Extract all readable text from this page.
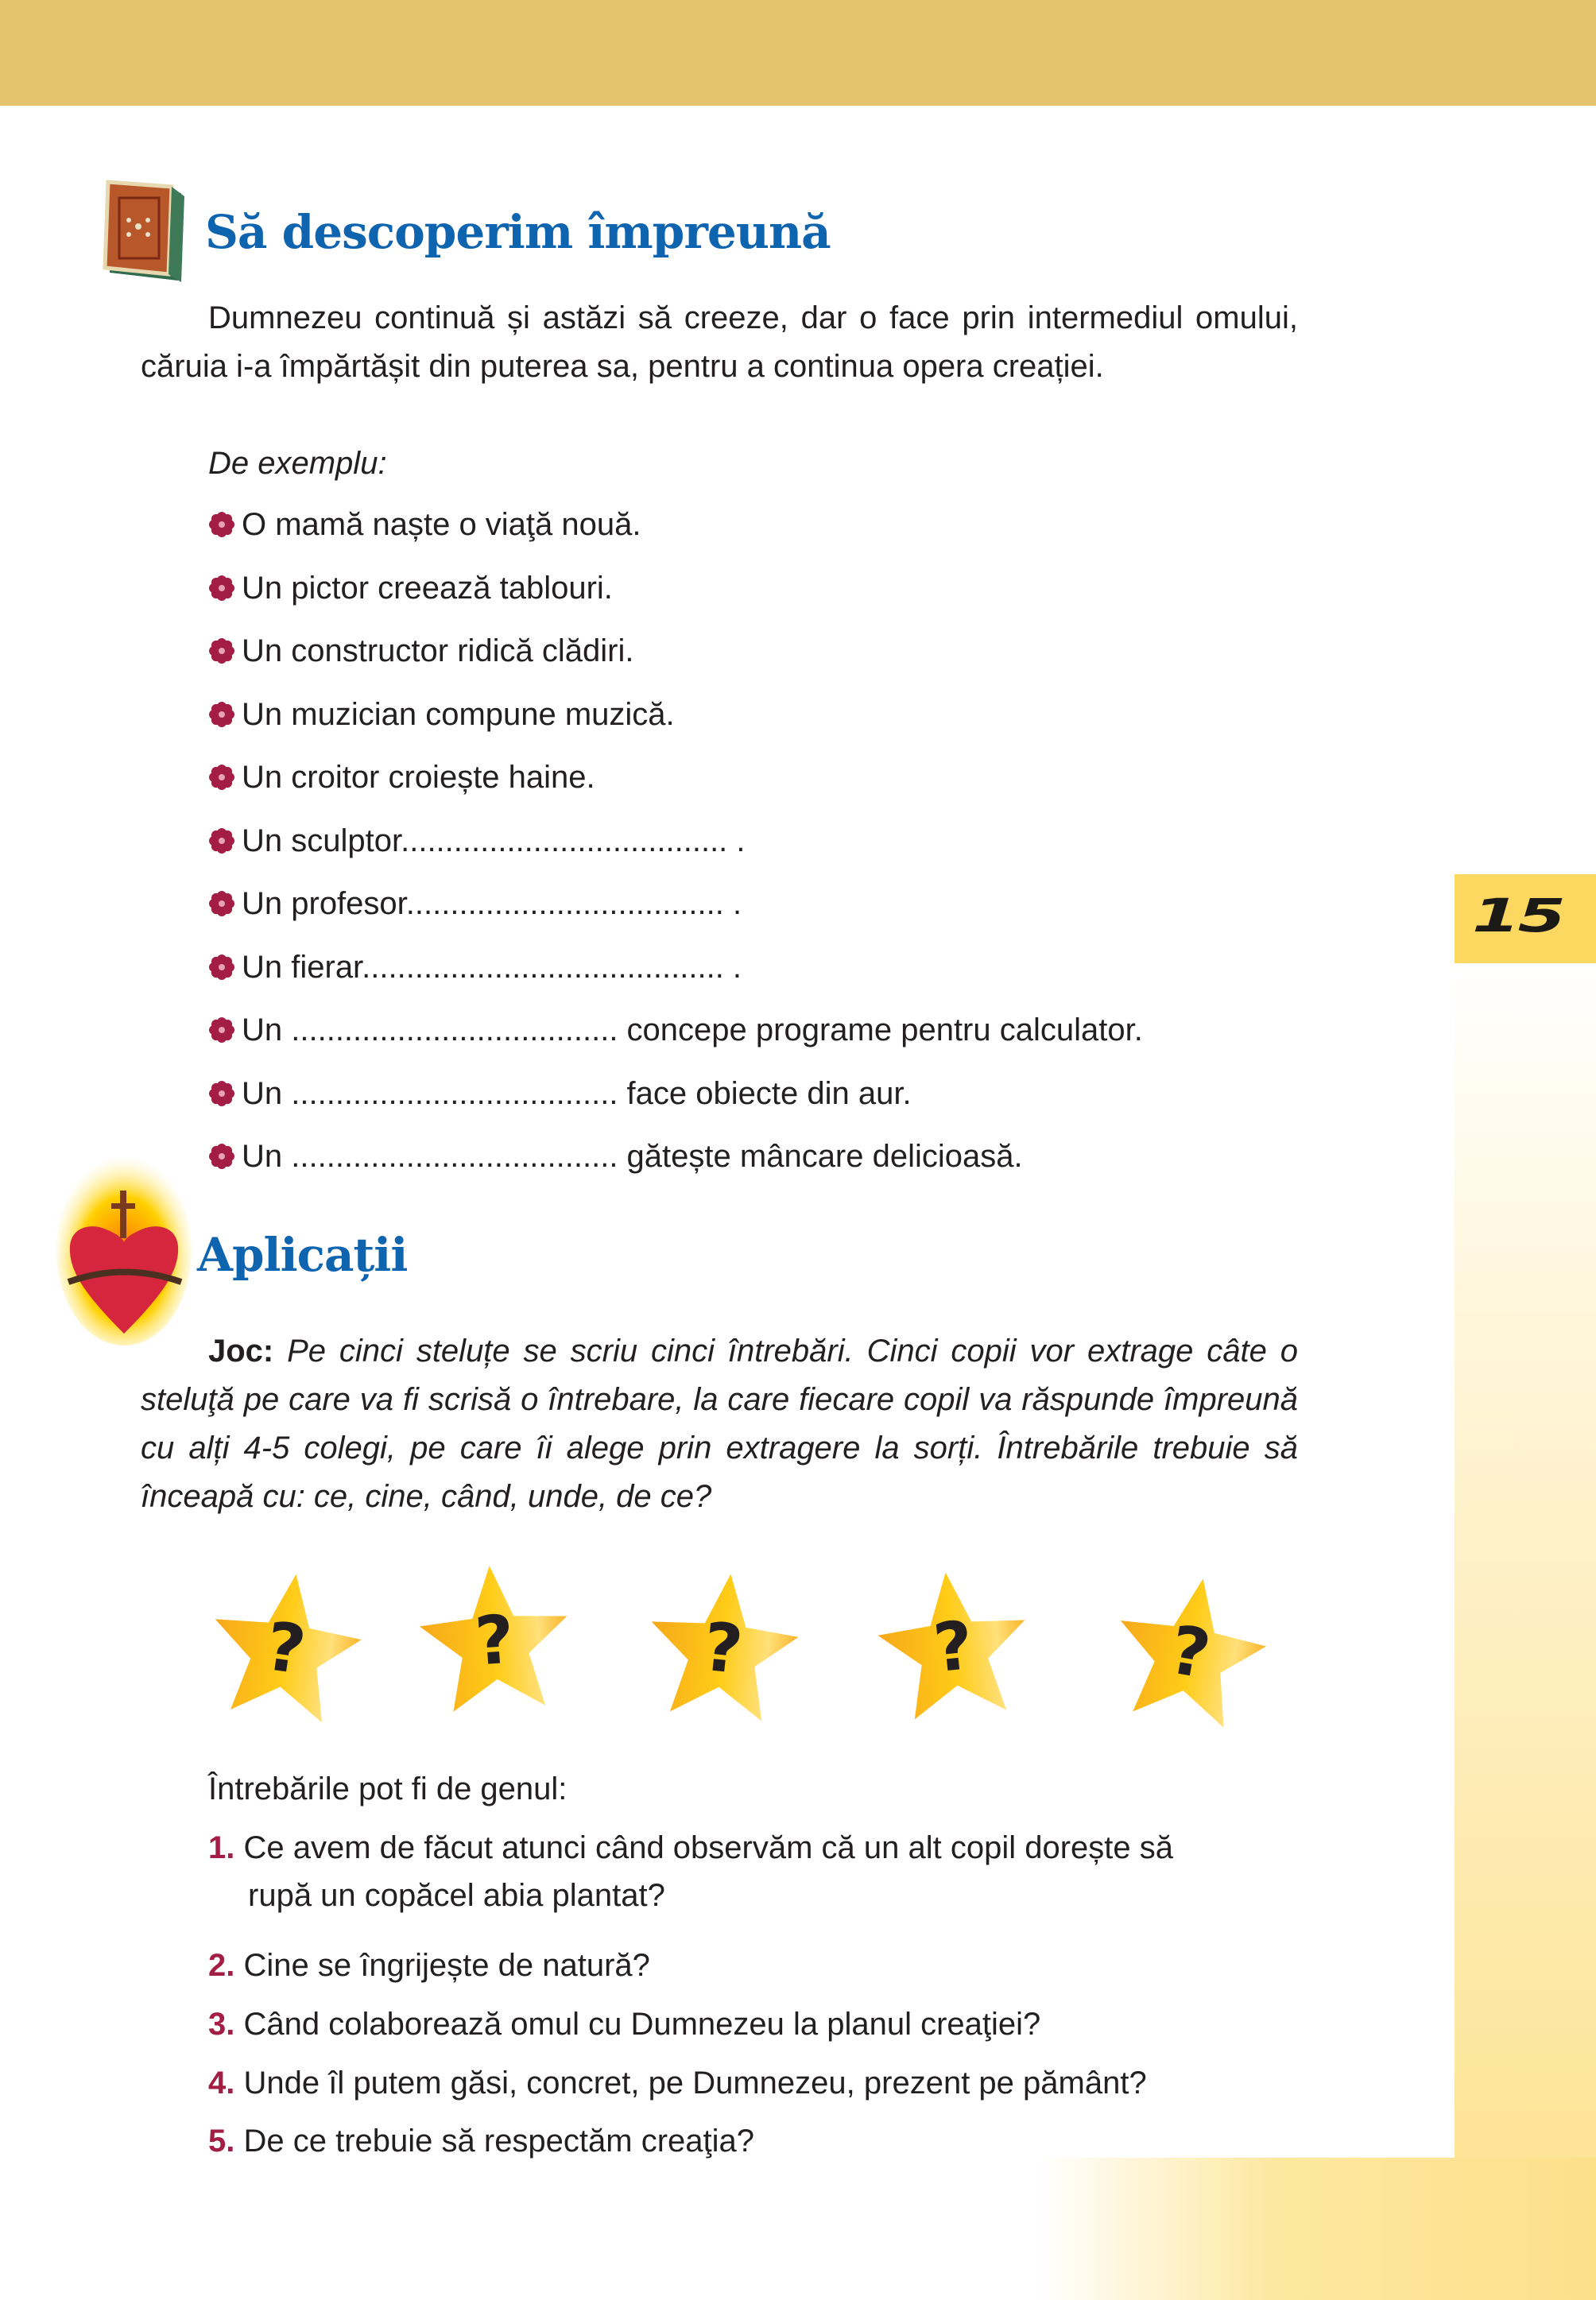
15
Să descoperim împreună
Dumnezeu continuă și astăzi să creeze, dar o face prin intermediul omului, căruia i-a împărtășit din puterea sa, pentru a continua opera creației.
De exemplu:
O mamă naște o viaţă nouă.
Un pictor creează tablouri.
Un constructor ridică clădiri.
Un muzician compune muzică.
Un croitor croiește haine.
Un sculptor..................................... .
Un profesor.................................... .
Un fierar......................................... .
Un ..................................... concepe programe pentru calculator.
Un ..................................... face obiecte din aur.
Un ..................................... gătește mâncare delicioasă.
Aplicații
Joc: Pe cinci steluțe se scriu cinci întrebări. Cinci copii vor extrage câte o steluţă pe care va fi scrisă o întrebare, la care fiecare copil va răspunde împreună cu alți 4-5 colegi, pe care îi alege prin extragere la sorți. Întrebările trebuie să înceapă cu: ce, cine, când, unde, de ce?
? ?	?	?	?
Întrebările pot fi de genul:
1. Ce avem de făcut atunci când observăm că un alt copil dorește să
rupă un copăcel abia plantat?
2. Cine se îngrijește de natură?
3. Când colaborează omul cu Dumnezeu la planul creaţiei?
4. Unde îl putem găsi, concret, pe Dumnezeu, prezent pe pământ?
5. De ce trebuie să respectăm creaţia?
